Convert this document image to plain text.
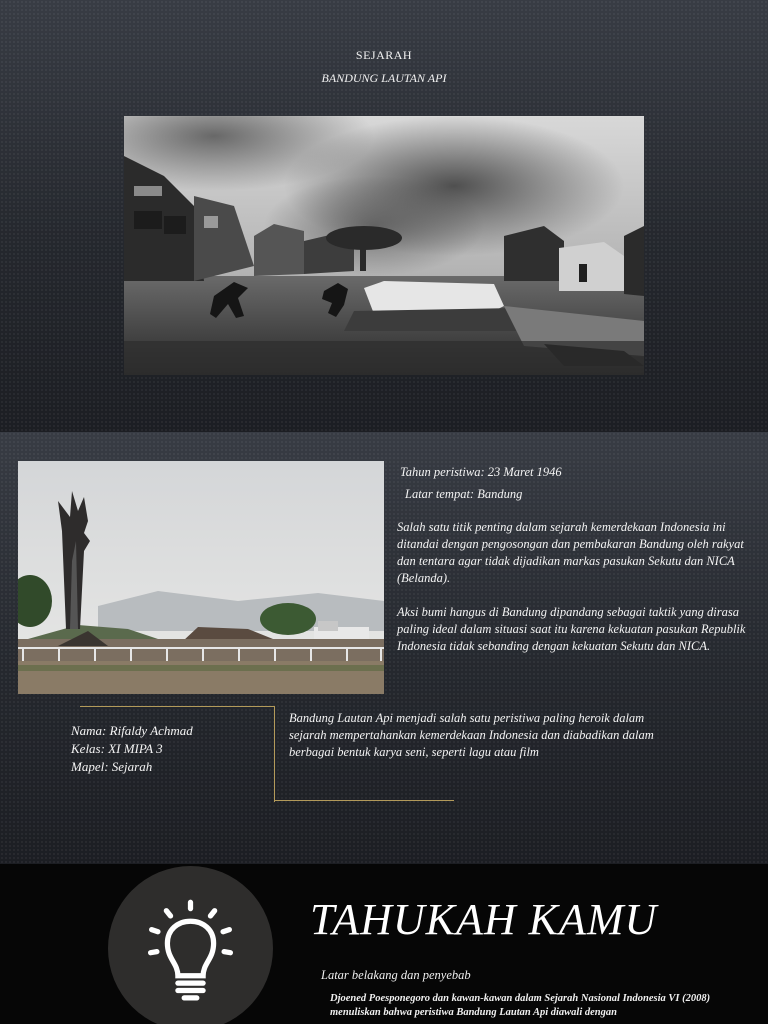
SEJARAH
BANDUNG LAUTAN API
Tahun peristiwa: 23 Maret 1946
Latar tempat: Bandung
Salah satu titik penting dalam sejarah kemerdekaan Indonesia ini ditandai dengan pengosongan dan pembakaran Bandung oleh rakyat dan tentara agar tidak dijadikan markas pasukan Sekutu dan NICA (Belanda).
Aksi bumi hangus di Bandung dipandang sebagai taktik yang dirasa paling ideal dalam situasi saat itu karena kekuatan pasukan Republik Indonesia tidak sebanding dengan kekuatan Sekutu dan NICA.
Nama: Rifaldy Achmad
Kelas: XI MIPA 3
Mapel: Sejarah
Bandung Lautan Api menjadi salah satu peristiwa paling heroik dalam sejarah mempertahankan kemerdekaan Indonesia dan diabadikan dalam berbagai bentuk karya seni, seperti lagu atau film
TAHUKAH KAMU
Latar belakang dan penyebab
Djoened Poesponegoro dan kawan-kawan dalam Sejarah Nasional Indonesia VI (2008) menuliskan bahwa peristiwa Bandung Lautan Api diawali dengan
